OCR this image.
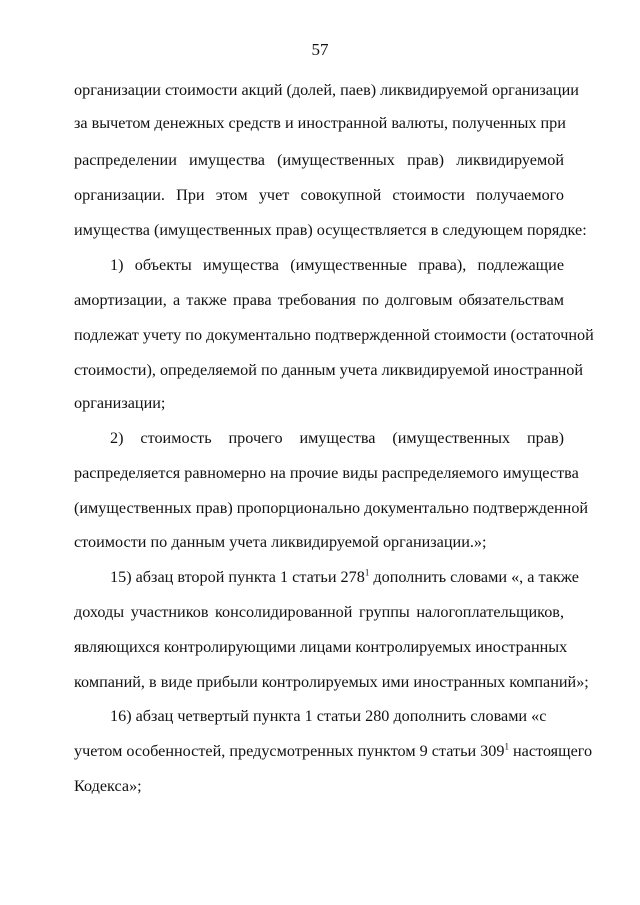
57
организации стоимости акций (долей, паев) ликвидируемой организации
за вычетом денежных средств и иностранной валюты, полученных при
распределении имущества (имущественных прав) ликвидируемой
организации. При этом учет совокупной стоимости получаемого
имущества (имущественных прав) осуществляется в следующем порядке:
1) объекты имущества (имущественные права), подлежащие
амортизации, а также права требования по долговым обязательствам
подлежат учету по документально подтвержденной стоимости (остаточной
стоимости), определяемой по данным учета ликвидируемой иностранной
организации;
2) стоимость прочего имущества (имущественных прав)
распределяется равномерно на прочие виды распределяемого имущества
(имущественных прав) пропорционально документально подтвержденной
стоимости по данным учета ликвидируемой организации.»;
15) абзац второй пункта 1 статьи $278^1$ дополнить словами «, а также
доходы участников консолидированной группы налогоплательщиков,
являющихся контролирующими лицами контролируемых иностранных
компаний, в виде прибыли контролируемых ими иностранных компаний»;
16) абзац четвертый пункта 1 статьи 280 дополнить словами «с
учетом особенностей, предусмотренных пунктом 9 статьи $309^1$ настоящего
Кодекса»;
